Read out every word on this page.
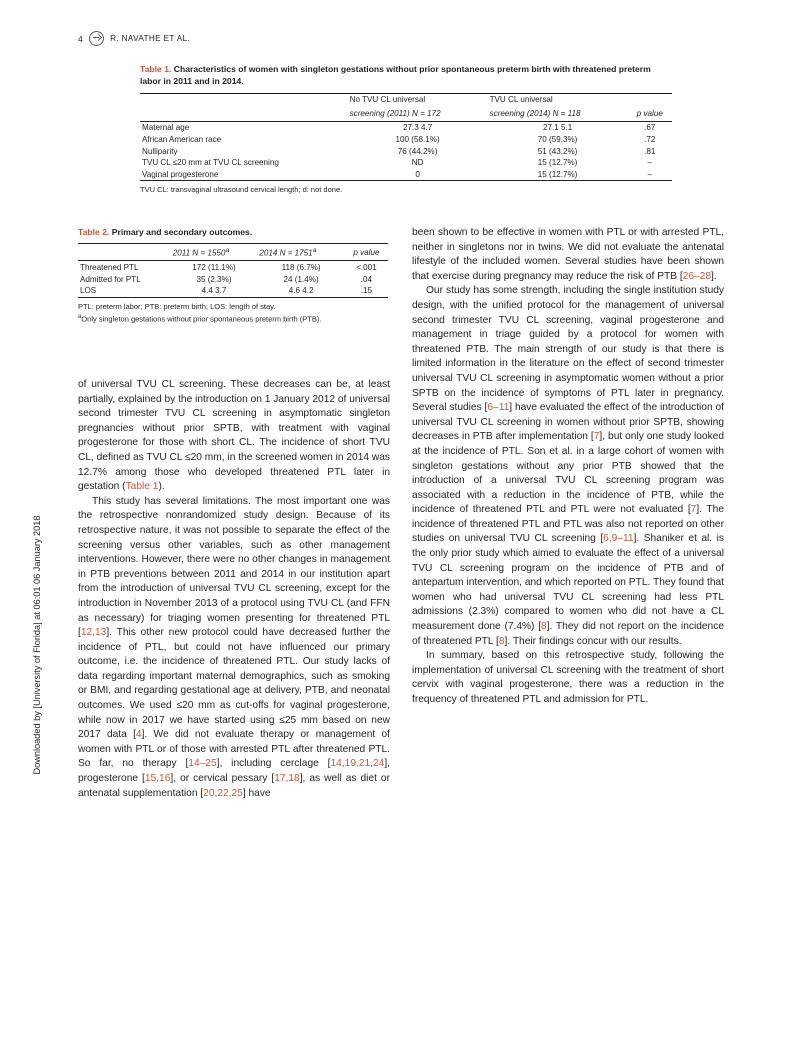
4	R. NAVATHE ET AL.
Downloaded by [University of Florida] at 06:01 06 January 2018
Table 1. Characteristics of women with singleton gestations without prior spontaneous preterm birth with threatened preterm labor in 2011 and in 2014.
	No TVU CL universal	TVU CL universal	
	screening (2011) N = 172	screening (2014) N = 118	p value
Maternal age	27.3 4.7	27.1 5.1	.67
African American race	100 (58.1%)	70 (59.3%)	.72
Nulliparity	76 (44.2%)	51 (43.2%)	.81
TVU CL ≤20 mm at TVU CL screening	ND	15 (12.7%)	–
Vaginal progesterone	0	15 (12.7%)	–
TVU CL: transvaginal ultrasound cervical length; d: not done.
Table 2. Primary and secondary outcomes.
	2011 $N = 1550^a$	2014 $N = 1751^a$	p value
Threatened PTL	172 (11.1%)	118 (6.7%)	<.001
Admitted for PTL	35 (2.3%)	24 (1.4%)	.04
LOS	4.4 3.7	4.6 4.2	.15
PTL: preterm labor; PTB: preterm birth; LOS: length of stay.
$^a$Only singleton gestations without prior spontaneous preterm birth (PTB).

of universal TVU CL screening. These decreases can be, at least partially, explained by the introduction on 1 January 2012 of universal second trimester TVU CL screening in asymptomatic singleton pregnancies without prior SPTB, with treatment with vaginal progesterone for those with short CL. The incidence of short TVU CL, defined as TVU CL ≤20 mm, in the screened women in 2014 was 12.7% among those who developed threatened PTL later in gestation (Table 1).

This study has several limitations. The most important one was the retrospective nonrandomized study design. Because of its retrospective nature, it was not possible to separate the effect of the screening versus other variables, such as other management interventions. However, there were no other changes in management in PTB preventions between 2011 and 2014 in our institution apart from the introduction of universal TVU CL screening, except for the introduction in November 2013 of a protocol using TVU CL (and FFN as necessary) for triaging women presenting for threatened PTL [12,13]. This other new protocol could have decreased further the incidence of PTL, but could not have influenced our primary outcome, i.e. the incidence of threatened PTL. Our study lacks of data regarding important maternal demographics, such as smoking or BMI, and regarding gestational age at delivery, PTB, and neonatal outcomes. We used ≤20 mm as cut-offs for vaginal progesterone, while now in 2017 we have started using ≤25 mm based on new 2017 data [4]. We did not evaluate therapy or management of women with PTL or of those with arrested PTL after threatened PTL. So far, no therapy [14–25], including cerclage [14,19,21,24], progesterone [15,16], or cervical pessary [17,18], as well as diet or antenatal supplementation [20,22,25] have

been shown to be effective in women with PTL or with arrested PTL, neither in singletons nor in twins. We did not evaluate the antenatal lifestyle of the included women. Several studies have been shown that exercise during pregnancy may reduce the risk of PTB [26–28].

Our study has some strength, including the single institution study design, with the unified protocol for the management of universal second trimester TVU CL screening, vaginal progesterone and management in triage guided by a protocol for women with threatened PTB. The main strength of our study is that there is limited information in the literature on the effect of second trimester universal TVU CL screening in asymptomatic women without a prior SPTB on the incidence of symptoms of PTL later in pregnancy. Several studies [6–11] have evaluated the effect of the introduction of universal TVU CL screening in women without prior SPTB, showing decreases in PTB after implementation [7], but only one study looked at the incidence of PTL. Son et al. in a large cohort of women with singleton gestations without any prior PTB showed that the introduction of a universal TVU CL screening program was associated with a reduction in the incidence of PTB, while the incidence of threatened PTL and PTL were not evaluated [7]. The incidence of threatened PTL and PTL was also not reported on other studies on universal TVU CL screening [6,9–11]. Shaniker et al. is the only prior study which aimed to evaluate the effect of a universal TVU CL screening program on the incidence of PTB and of antepartum intervention, and which reported on PTL. They found that women who had universal TVU CL screening had less PTL admissions (2.3%) compared to women who did not have a CL measurement done (7.4%) [8]. They did not report on the incidence of threatened PTL [8]. Their findings concur with our results.

In summary, based on this retrospective study, following the implementation of universal CL screening with the treatment of short cervix with vaginal progesterone, there was a reduction in the frequency of threatened PTL and admission for PTL.
